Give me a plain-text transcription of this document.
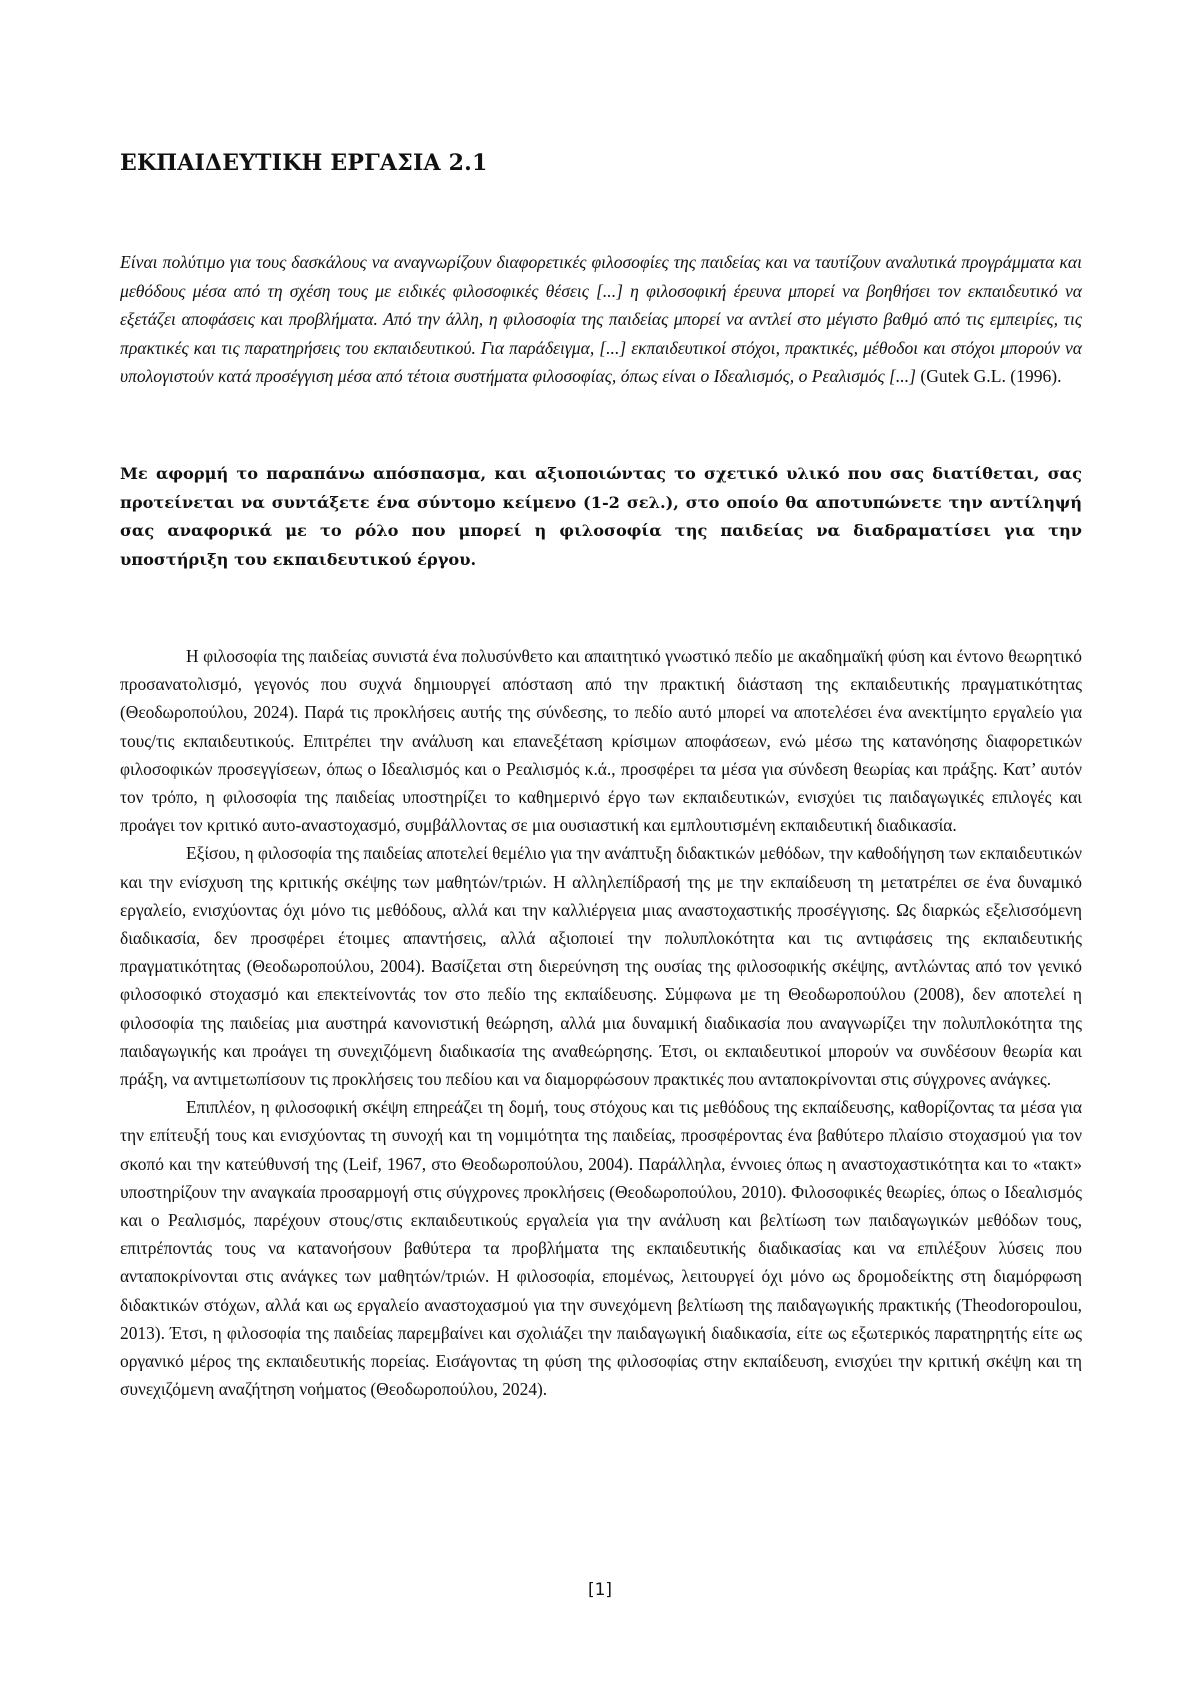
ΕΚΠΑΙΔΕΥΤΙΚΗ ΕΡΓΑΣΙΑ 2.1

Είναι πολύτιμο για τους δασκάλους να αναγνωρίζουν διαφορετικές φιλοσοφίες της παιδείας και να ταυτίζουν αναλυτικά προγράμματα και μεθόδους μέσα από τη σχέση τους με ειδικές φιλοσοφικές θέσεις [...] η φιλοσοφική έρευνα μπορεί να βοηθήσει τον εκπαιδευτικό να εξετάζει αποφάσεις και προβλήματα. Από την άλλη, η φιλοσοφία της παιδείας μπορεί να αντλεί στο μέγιστο βαθμό από τις εμπειρίες, τις πρακτικές και τις παρατηρήσεις του εκπαιδευτικού. Για παράδειγμα, [...] εκπαιδευτικοί στόχοι, πρακτικές, μέθοδοι και στόχοι μπορούν να υπολογιστούν κατά προσέγγιση μέσα από τέτοια συστήματα φιλοσοφίας, όπως είναι ο Ιδεαλισμός, ο Ρεαλισμός [...] (Gutek G.L. (1996).

Με αφορμή το παραπάνω απόσπασμα, και αξιοποιώντας το σχετικό υλικό που σας διατίθεται, σας προτείνεται να συντάξετε ένα σύντομο κείμενο (1-2 σελ.), στο οποίο θα αποτυπώνετε την αντίληψή σας αναφορικά με το ρόλο που μπορεί η φιλοσοφία της παιδείας να διαδραματίσει για την υποστήριξη του εκπαιδευτικού έργου.

Η φιλοσοφία της παιδείας συνιστά ένα πολυσύνθετο και απαιτητικό γνωστικό πεδίο με ακαδημαϊκή φύση και έντονο θεωρητικό προσανατολισμό, γεγονός που συχνά δημιουργεί απόσταση από την πρακτική διάσταση της εκπαιδευτικής πραγματικότητας (Θεοδωροπούλου, 2024). Παρά τις προκλήσεις αυτής της σύνδεσης, το πεδίο αυτό μπορεί να αποτελέσει ένα ανεκτίμητο εργαλείο για τους/τις εκπαιδευτικούς. Επιτρέπει την ανάλυση και επανεξέταση κρίσιμων αποφάσεων, ενώ μέσω της κατανόησης διαφορετικών φιλοσοφικών προσεγγίσεων, όπως ο Ιδεαλισμός και ο Ρεαλισμός κ.ά., προσφέρει τα μέσα για σύνδεση θεωρίας και πράξης. Κατ’ αυτόν τον τρόπο, η φιλοσοφία της παιδείας υποστηρίζει το καθημερινό έργο των εκπαιδευτικών, ενισχύει τις παιδαγωγικές επιλογές και προάγει τον κριτικό αυτο-αναστοχασμό, συμβάλλοντας σε μια ουσιαστική και εμπλουτισμένη εκπαιδευτική διαδικασία.

Εξίσου, η φιλοσοφία της παιδείας αποτελεί θεμέλιο για την ανάπτυξη διδακτικών μεθόδων, την καθοδήγηση των εκπαιδευτικών και την ενίσχυση της κριτικής σκέψης των μαθητών/τριών. Η αλληλεπίδρασή της με την εκπαίδευση τη μετατρέπει σε ένα δυναμικό εργαλείο, ενισχύοντας όχι μόνο τις μεθόδους, αλλά και την καλλιέργεια μιας αναστοχαστικής προσέγγισης. Ως διαρκώς εξελισσόμενη διαδικασία, δεν προσφέρει έτοιμες απαντήσεις, αλλά αξιοποιεί την πολυπλοκότητα και τις αντιφάσεις της εκπαιδευτικής πραγματικότητας (Θεοδωροπούλου, 2004). Βασίζεται στη διερεύνηση της ουσίας της φιλοσοφικής σκέψης, αντλώντας από τον γενικό φιλοσοφικό στοχασμό και επεκτείνοντάς τον στο πεδίο της εκπαίδευσης. Σύμφωνα με τη Θεοδωροπούλου (2008), δεν αποτελεί η φιλοσοφία της παιδείας μια αυστηρά κανονιστική θεώρηση, αλλά μια δυναμική διαδικασία που αναγνωρίζει την πολυπλοκότητα της παιδαγωγικής και προάγει τη συνεχιζόμενη διαδικασία της αναθεώρησης. Έτσι, οι εκπαιδευτικοί μπορούν να συνδέσουν θεωρία και πράξη, να αντιμετωπίσουν τις προκλήσεις του πεδίου και να διαμορφώσουν πρακτικές που ανταποκρίνονται στις σύγχρονες ανάγκες.

Επιπλέον, η φιλοσοφική σκέψη επηρεάζει τη δομή, τους στόχους και τις μεθόδους της εκπαίδευσης, καθορίζοντας τα μέσα για την επίτευξή τους και ενισχύοντας τη συνοχή και τη νομιμότητα της παιδείας, προσφέροντας ένα βαθύτερο πλαίσιο στοχασμού για τον σκοπό και την κατεύθυνσή της (Leif, 1967, στο Θεοδωροπούλου, 2004). Παράλληλα, έννοιες όπως η αναστοχαστικότητα και το «τακτ» υποστηρίζουν την αναγκαία προσαρμογή στις σύγχρονες προκλήσεις (Θεοδωροπούλου, 2010). Φιλοσοφικές θεωρίες, όπως ο Ιδεαλισμός και ο Ρεαλισμός, παρέχουν στους/στις εκπαιδευτικούς εργαλεία για την ανάλυση και βελτίωση των παιδαγωγικών μεθόδων τους, επιτρέποντάς τους να κατανοήσουν βαθύτερα τα προβλήματα της εκπαιδευτικής διαδικασίας και να επιλέξουν λύσεις που ανταποκρίνονται στις ανάγκες των μαθητών/τριών. Η φιλοσοφία, επομένως, λειτουργεί όχι μόνο ως δρομοδείκτης στη διαμόρφωση διδακτικών στόχων, αλλά και ως εργαλείο αναστοχασμού για την συνεχόμενη βελτίωση της παιδαγωγικής πρακτικής (Theodoropoulou, 2013). Έτσι, η φιλοσοφία της παιδείας παρεμβαίνει και σχολιάζει την παιδαγωγική διαδικασία, είτε ως εξωτερικός παρατηρητής είτε ως οργανικό μέρος της εκπαιδευτικής πορείας. Εισάγοντας τη φύση της φιλοσοφίας στην εκπαίδευση, ενισχύει την κριτική σκέψη και τη συνεχιζόμενη αναζήτηση νοήματος (Θεοδωροπούλου, 2024).

[1]
